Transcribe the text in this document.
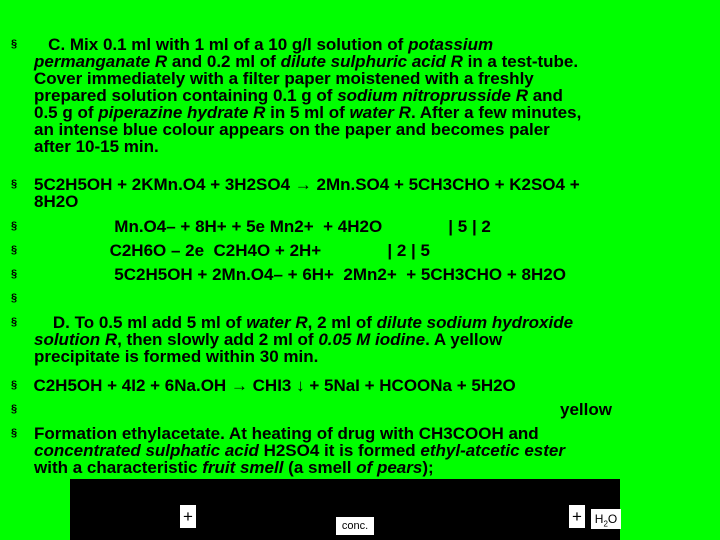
§ C. Mix 0.1 ml with 1 ml of a 10 g/l solution of potassium
permanganate R and 0.2 ml of dilute sulphuric acid R in a test-tube.
Cover immediately with a filter paper moistened with a freshly
prepared solution containing 0.1 g of sodium nitroprusside R and
0.5 g of piperazine hydrate R in 5 ml of water R. After a few minutes,
an intense blue colour appears on the paper and becomes paler
after 10-15 min.
§ 5C2H5OH + 2KMn.O4 + 3H2SO4 → 2Mn.SO4 + 5CH3CHO + K2SO4 +
8H2O
§ Mn.O4– + 8H+ + 5e Mn2+  + 4H2O              | 5 | 2
§ C2H6O – 2e  C2H4O + 2H+              | 2 | 5
§ 5C2H5OH + 2Mn.O4– + 6H+  2Mn2+  + 5CH3CHO + 8H2O
§
§ D. To 0.5 ml add 5 ml of water R, 2 ml of dilute sodium hydroxide
solution R, then slowly add 2 ml of 0.05 M iodine. A yellow
precipitate is formed within 30 min.
§ C2H5OH + 4I2 + 6Na.OH → CHI3 ↓ + 5NaI + HCOONa + 5H2O
§	yellow
§ Formation ethylacetate. At heating of drug with CH3COOH and
concentrated sulphatic acid H2SO4 it is formed ethyl-atcetic ester
with a characteristic fruit smell (a smell of pears);
+	conc.	+	$H_2O$
